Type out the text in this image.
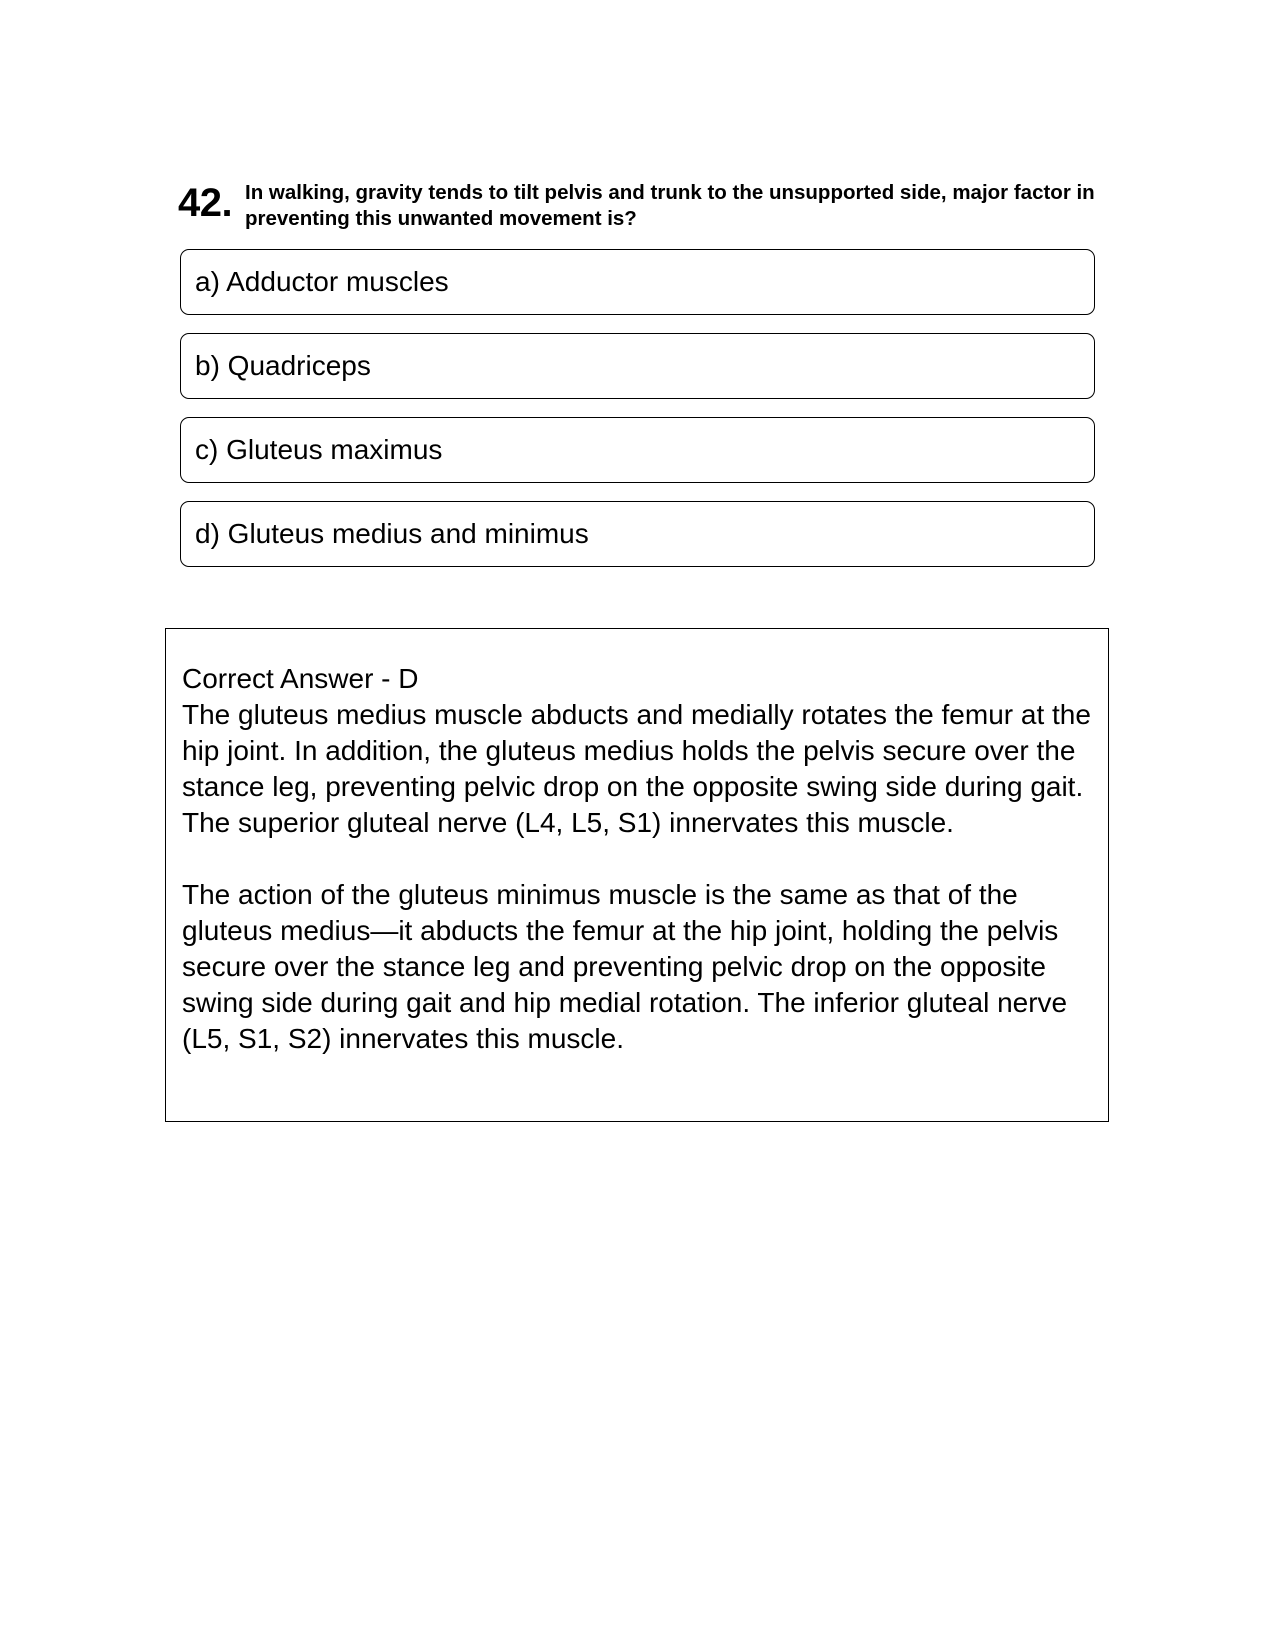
42. In walking, gravity tends to tilt pelvis and trunk to the unsupported side, major factor in preventing this unwanted movement is?
a) Adductor muscles
b) Quadriceps
c) Gluteus maximus
d) Gluteus medius and minimus

Correct Answer - D

The gluteus medius muscle abducts and medially rotates the femur at the hip joint. In addition, the gluteus medius holds the pelvis secure over the stance leg, preventing pelvic drop on the opposite swing side during gait. The superior gluteal nerve (L4, L5, S1) innervates this muscle.

The action of the gluteus minimus muscle is the same as that of the gluteus medius—it abducts the femur at the hip joint, holding the pelvis secure over the stance leg and preventing pelvic drop on the opposite swing side during gait and hip medial rotation. The inferior gluteal nerve (L5, S1, S2) innervates this muscle.
